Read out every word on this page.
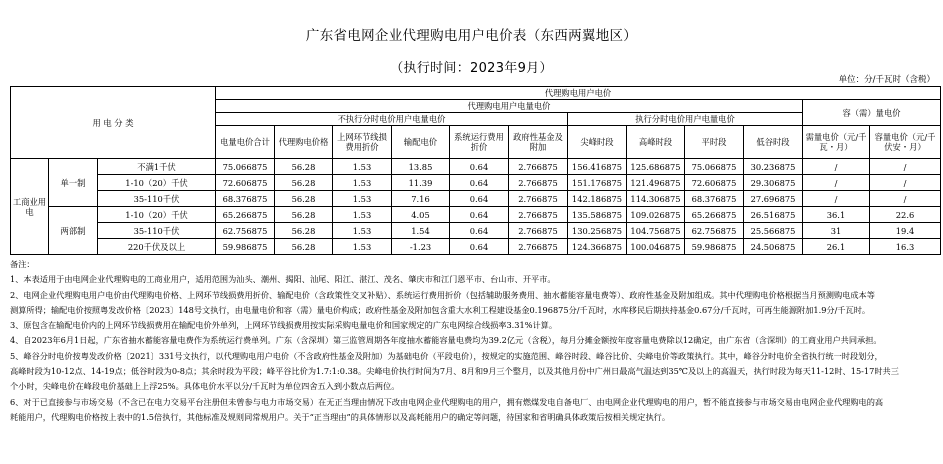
广东省电网企业代理购电用户电价表（东西两翼地区）
（执行时间：2023年9月）
单位：分/千瓦时（含税）
用 电 分 类			代理购电用户电价											
			代理购电用户电量电价										容（需）量电价	
			不执行分时电价用户电量电价						执行分时电价用户电量电价					
			电量电价合计	代理购电价格	上网环节线损费用折价	输配电价	系统运行费用折价	政府性基金及附加	尖峰时段	高峰时段	平时段	低谷时段	需量电价（元/千瓦・月）	容量电价（元/千伏安・月）
工商业用电	单一制	不满1千伏	75.066875	56.28	1.53	13.85	0.64	2.766875	156.416875	125.686875	75.066875	30.236875	/	/
		1-10（20）千伏	72.606875	56.28	1.53	11.39	0.64	2.766875	151.176875	121.496875	72.606875	29.306875	/	/
		35-110千伏	68.376875	56.28	1.53	7.16	0.64	2.766875	142.186875	114.306875	68.376875	27.696875	/	/
	两部制	1-10（20）千伏	65.266875	56.28	1.53	4.05	0.64	2.766875	135.586875	109.026875	65.266875	26.516875	36.1	22.6
		35-110千伏	62.756875	56.28	1.53	1.54	0.64	2.766875	130.256875	104.756875	62.756875	25.566875	31	19.4
		220千伏及以上	59.986875	56.28	1.53	-1.23	0.64	2.766875	124.366875	100.046875	59.986875	24.506875	26.1	16.3

备注：

1、本表适用于由电网企业代理购电的工商业用户，适用范围为汕头、潮州、揭阳、汕尾、阳江、湛江、茂名、肇庆市和江门恩平市、台山市、开平市。

2、电网企业代理购电用户电价由代理购电价格、上网环节线损费用折价、输配电价（含政策性交叉补贴）、系统运行费用折价（包括辅助服务费用、抽水蓄能容量电费等）、政府性基金及附加组成。其中代理购电价格根据当月预测购电成本等

测算所得；输配电价按照粤发改价格〔2023〕148号文执行，由电量电价和容（需）量电价构成；政府性基金及附加包含重大水利工程建设基金0.196875分/千瓦时，水库移民后期扶持基金0.67分/千瓦时，可再生能源附加1.9分/千瓦时。

3、原包含在输配电价内的上网环节线损费用在输配电价外单列，上网环节线损费用按实际采购电量电价和国家规定的广东电网综合线损率3.31%计算。

4、自2023年6月1日起，广东省抽水蓄能容量电费作为系统运行费单列。广东（含深圳）第三监管周期各年度抽水蓄能容量电费均为39.2亿元（含税），每月分摊金额按年度容量电费除以12确定，由广东省（含深圳）的工商业用户共同承担。

5、峰谷分时电价按粤发改价格〔2021〕331号文执行，以代理购电用户电价（不含政府性基金及附加）为基础电价（平段电价），按规定的实施范围、峰谷时段、峰谷比价、尖峰电价等政策执行。其中，峰谷分时电价全省执行统一时段划分，

高峰时段为10-12点、14-19点；低谷时段为0-8点；其余时段为平段；峰平谷比价为1.7:1:0.38。尖峰电价执行时间为7月、8月和9月三个整月，以及其他月份中广州日最高气温达到35℃及以上的高温天，执行时段为每天11-12时、15-17时共三

个小时，尖峰电价在峰段电价基础上上浮25%。具体电价水平以分/千瓦时为单位四舍五入到小数点后两位。

6、对于已直接参与市场交易（不含已在电力交易平台注册但未曾参与电力市场交易）在无正当理由情况下改由电网企业代理购电的用户，拥有燃煤发电自备电厂、由电网企业代理购电的用户，暂不能直接参与市场交易由电网企业代理购电的高

耗能用户，代理购电价格按上表中的1.5倍执行，其他标准及规则同常规用户。关于“正当理由”的具体情形以及高耗能用户的确定等问题，待国家和省明确具体政策后按相关规定执行。
